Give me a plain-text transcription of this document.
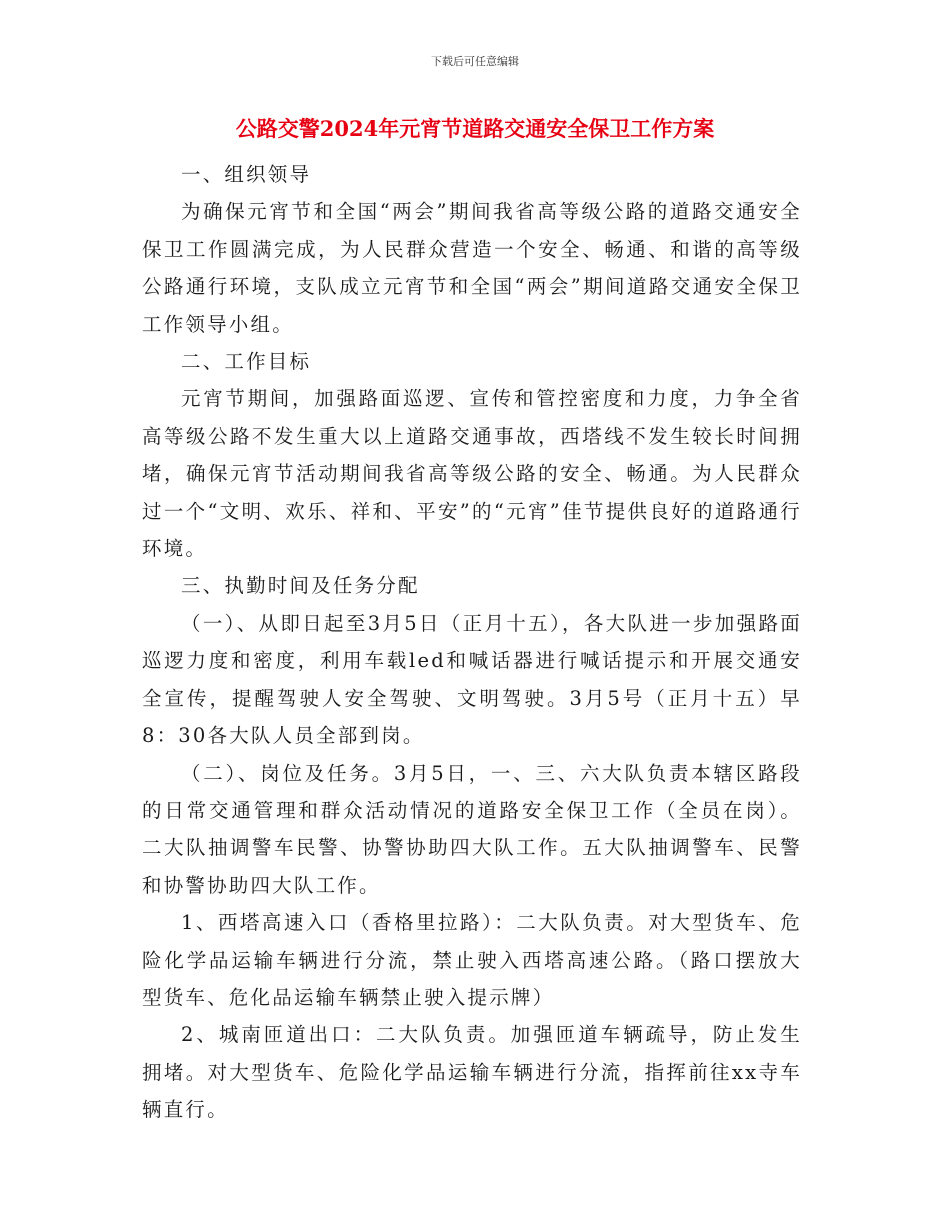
下载后可任意编辑
公路交警2024年元宵节道路交通安全保卫工作方案

一、组织领导

为确保元宵节和全国“两会”期间我省高等级公路的道路交通安全保卫工作圆满完成，为人民群众营造一个安全、畅通、和谐的高等级公路通行环境，支队成立元宵节和全国“两会”期间道路交通安全保卫工作领导小组。

二、工作目标

元宵节期间，加强路面巡逻、宣传和管控密度和力度，力争全省高等级公路不发生重大以上道路交通事故，西塔线不发生较长时间拥堵，确保元宵节活动期间我省高等级公路的安全、畅通。为人民群众过一个“文明、欢乐、祥和、平安”的“元宵”佳节提供良好的道路通行环境。

三、执勤时间及任务分配

（一）、从即日起至3月5日（正月十五），各大队进一步加强路面巡逻力度和密度，利用车载led和喊话器进行喊话提示和开展交通安全宣传，提醒驾驶人安全驾驶、文明驾驶。3月5号（正月十五）早8：30各大队人员全部到岗。

（二）、岗位及任务。3月5日，一、三、六大队负责本辖区路段的日常交通管理和群众活动情况的道路安全保卫工作（全员在岗）。二大队抽调警车民警、协警协助四大队工作。五大队抽调警车、民警和协警协助四大队工作。

1、西塔高速入口（香格里拉路）：二大队负责。对大型货车、危险化学品运输车辆进行分流，禁止驶入西塔高速公路。（路口摆放大型货车、危化品运输车辆禁止驶入提示牌）

2、城南匝道出口：二大队负责。加强匝道车辆疏导，防止发生拥堵。对大型货车、危险化学品运输车辆进行分流，指挥前往xx寺车辆直行。
